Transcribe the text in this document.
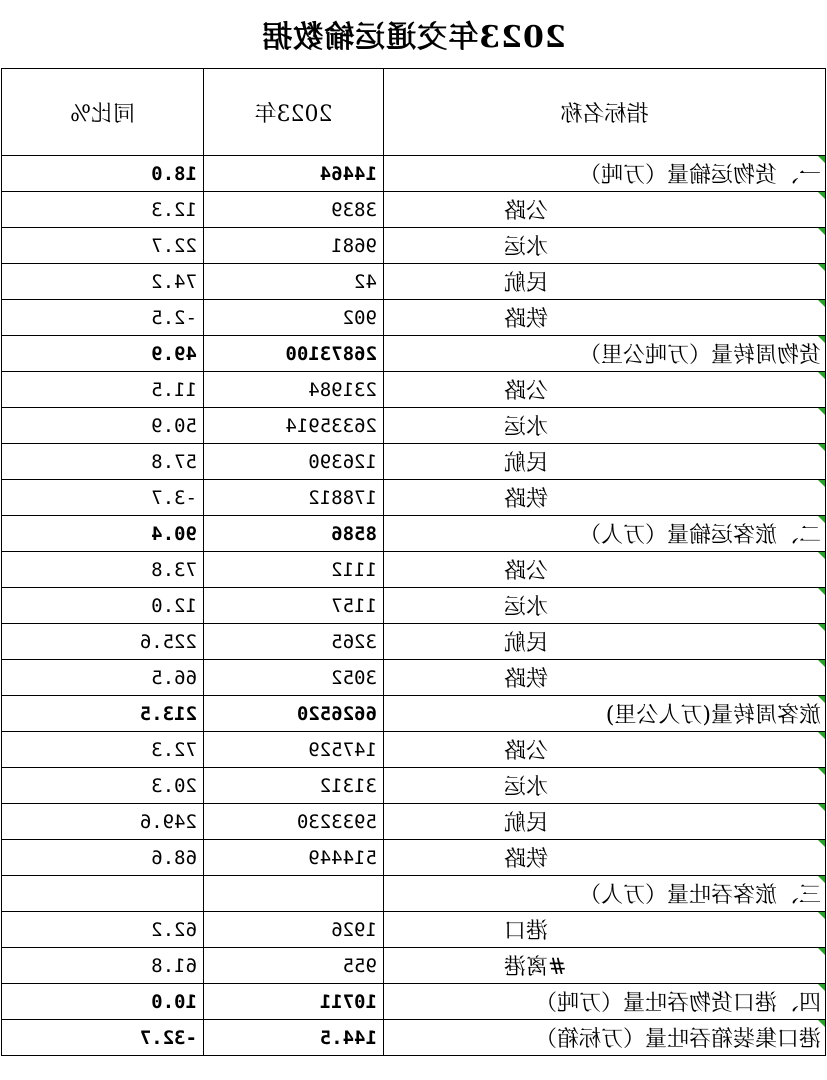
2023年交通运输数据
指标名称	2023年	同比%

一、货物运输量（万吨）	14464	18.0

公路	3839	12.3

水运	9681	22.7

民航	42	74.2

铁路	902	-2.5

货物周转量（万吨公里）	26873100	49.9

公路	231984	11.5

水运	26335914	50.9

民航	126390	57.8

铁路	178812	-3.7

二、旅客运输量（万人）	8586	90.4

公路	1112	73.8

水运	1157	12.0

民航	3265	225.6

铁路	3052	66.5

旅客周转量(万人公里)	6626520	213.5

公路	147529	72.3

水运	31312	20.3

民航	5933230	249.6

铁路	514449	68.6

三、旅客吞吐量（万人）		

港口	1926	62.2

#离港	955	61.8

四、港口货物吞吐量（万吨）	10711	10.0

港口集装箱吞吐量（万标箱）	144.5	-32.7
